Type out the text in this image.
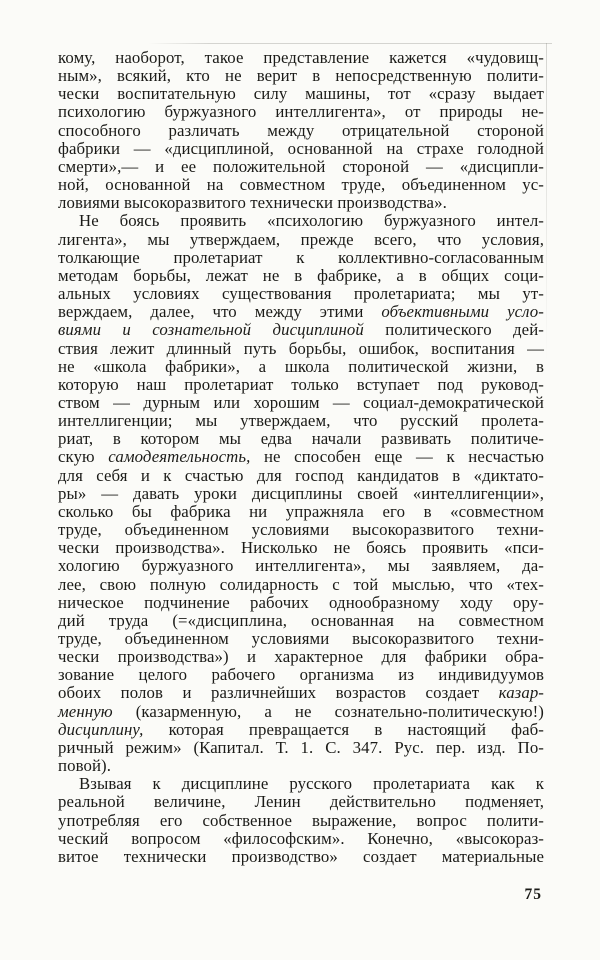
кому, наоборот, такое представление кажется «чудовищ-
ным», всякий, кто не верит в непосредственную полити-
чески воспитательную силу машины, тот «сразу выдает
психологию буржуазного интеллигента», от природы не-
способного различать между отрицательной стороной
фабрики — «дисциплиной, основанной на страхе голодной
смерти»,— и ее положительной стороной — «дисципли-
ной, основанной на совместном труде, объединенном ус-
ловиями высокоразвитого технически производства».
Не боясь проявить «психологию буржуазного интел-
лигента», мы утверждаем, прежде всего, что условия,
толкающие пролетариат к коллективно-согласованным
методам борьбы, лежат не в фабрике, а в общих соци-
альных условиях существования пролетариата; мы ут-
верждаем, далее, что между этими объективными усло-
виями и сознательной дисциплиной политического дей-
ствия лежит длинный путь борьбы, ошибок, воспитания —
не «школа фабрики», а школа политической жизни, в
которую наш пролетариат только вступает под руковод-
ством — дурным или хорошим — социал-демократической
интеллигенции; мы утверждаем, что русский пролета-
риат, в котором мы едва начали развивать политиче-
скую самодеятельность, не способен еще — к несчастью
для себя и к счастью для господ кандидатов в «диктато-
ры» — давать уроки дисциплины своей «интеллигенции»,
сколько бы фабрика ни упражняла его в «совместном
труде, объединенном условиями высокоразвитого техни-
чески производства». Нисколько не боясь проявить «пси-
хологию буржуазного интеллигента», мы заявляем, да-
лее, свою полную солидарность с той мыслью, что «тех-
ническое подчинение рабочих однообразному ходу ору-
дий труда (=«дисциплина, основанная на совместном
труде, объединенном условиями высокоразвитого техни-
чески производства») и характерное для фабрики обра-
зование целого рабочего организма из индивидуумов
обоих полов и различнейших возрастов создает казар-
менную (казарменную, а не сознательно-политическую!)
дисциплину, которая превращается в настоящий фаб-
ричный режим» (Капитал. Т. 1. С. 347. Рус. пер. изд. По-
повой).
Взывая к дисциплине русского пролетариата как к
реальной величине, Ленин действительно подменяет,
употребляя его собственное выражение, вопрос полити-
ческий вопросом «философским». Конечно, «высокораз-
витое технически производство» создает материальные
75
